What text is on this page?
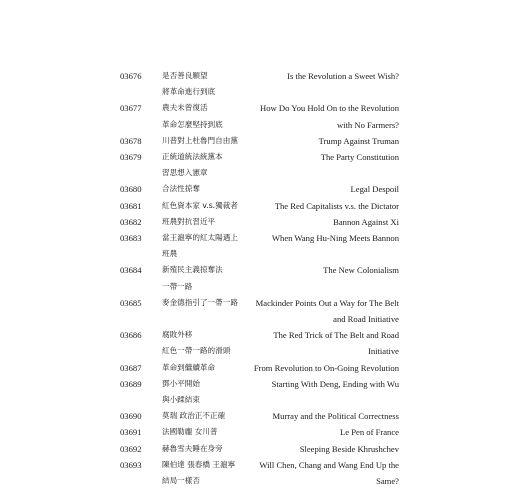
03676	是否善良願望	Is the Revolution a Sweet Wish?
將革命進行到底
03677	農夫未曾復活	How Do You Hold On to the Revolution
革命怎麼堅持到底	with No Farmers?
03678	川普對上杜魯門自由黨	Trump Against Truman
03679	正統道統法統黨本	The Party Constitution
習思想入憲章
03680	合法性掠奪	Legal Despoil
03681	紅色資本家 v.s.獨裁者	The Red Capitalists v.s. the Dictator
03682	班農對抗習近平	Bannon Against Xi
03683	當王滬寧的紅太陽遇上	When Wang Hu-Ning Meets Bannon
班農
03684	新殖民主義掠奪法	The New Colonialism
一帶一路
03685	麥金德指引了一帶一路 Mackinder Points Out a Way for The Belt
and Road Initiative
03686	腐敗外移	The Red Trick of The Belt and Road
紅色一帶一路的滑頭	Initiative
03687	革命到繼續革命	From Revolution to On-Going Revolution
03689	鄧小平開始	Starting With Deng, Ending with Wu
與小蹂結束
03690	莫瑞 政治正不正確	Murray and the Political Correctness
03691	法國勒龐 女川普	Le Pen of France
03692	赫魯雪夫睡在身旁	Sleeping Beside Khrushchev
03693	陳伯達 張春橋 王滬寧	Will Chen, Chang and Wang End Up the
結局一樣否	Same?
